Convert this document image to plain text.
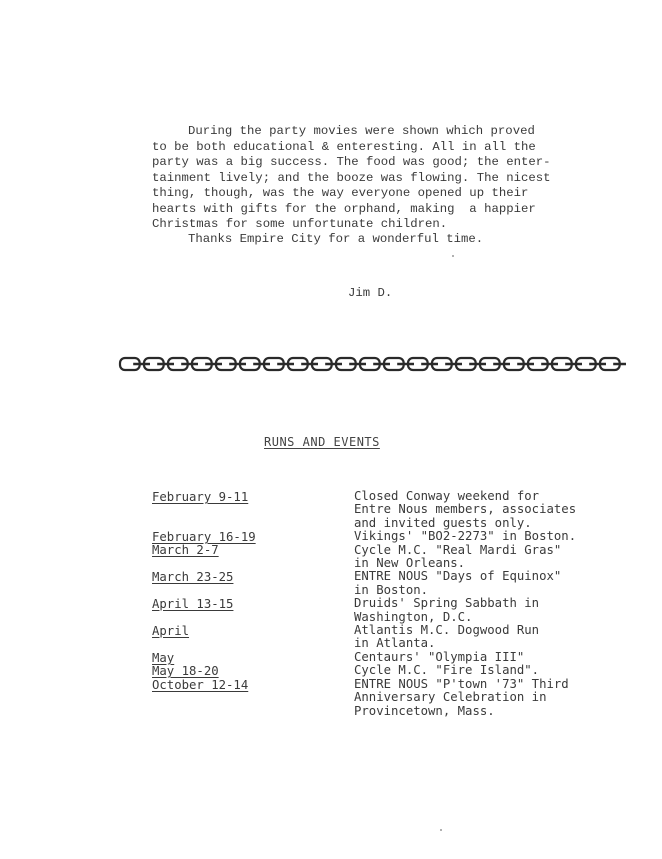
During the party movies were shown which proved
to be both educational & enteresting. All in all the
party was a big success. The food was good; the enter-
tainment lively; and the booze was flowing. The nicest
thing, though, was the way everyone opened up their
hearts with gifts for the orphand, making  a happier
Christmas for some unfortunate children.
Thanks Empire City for a wonderful time.
Jim D.
RUNS AND EVENTS
February 9-11
February 16-19
March 2-7
March 23-25
April 13-15
April
May
May 18-20
October 12-14
Closed Conway weekend for
Entre Nous members, associates
and invited guests only.
Vikings' "BO2-2273" in Boston.
Cycle M.C. "Real Mardi Gras"
in New Orleans.
ENTRE NOUS "Days of Equinox"
in Boston.
Druids' Spring Sabbath in
Washington, D.C.
Atlantis M.C. Dogwood Run
in Atlanta.
Centaurs' "Olympia III"
Cycle M.C. "Fire Island".
ENTRE NOUS "P'town '73" Third
Anniversary Celebration in
Provincetown, Mass.
